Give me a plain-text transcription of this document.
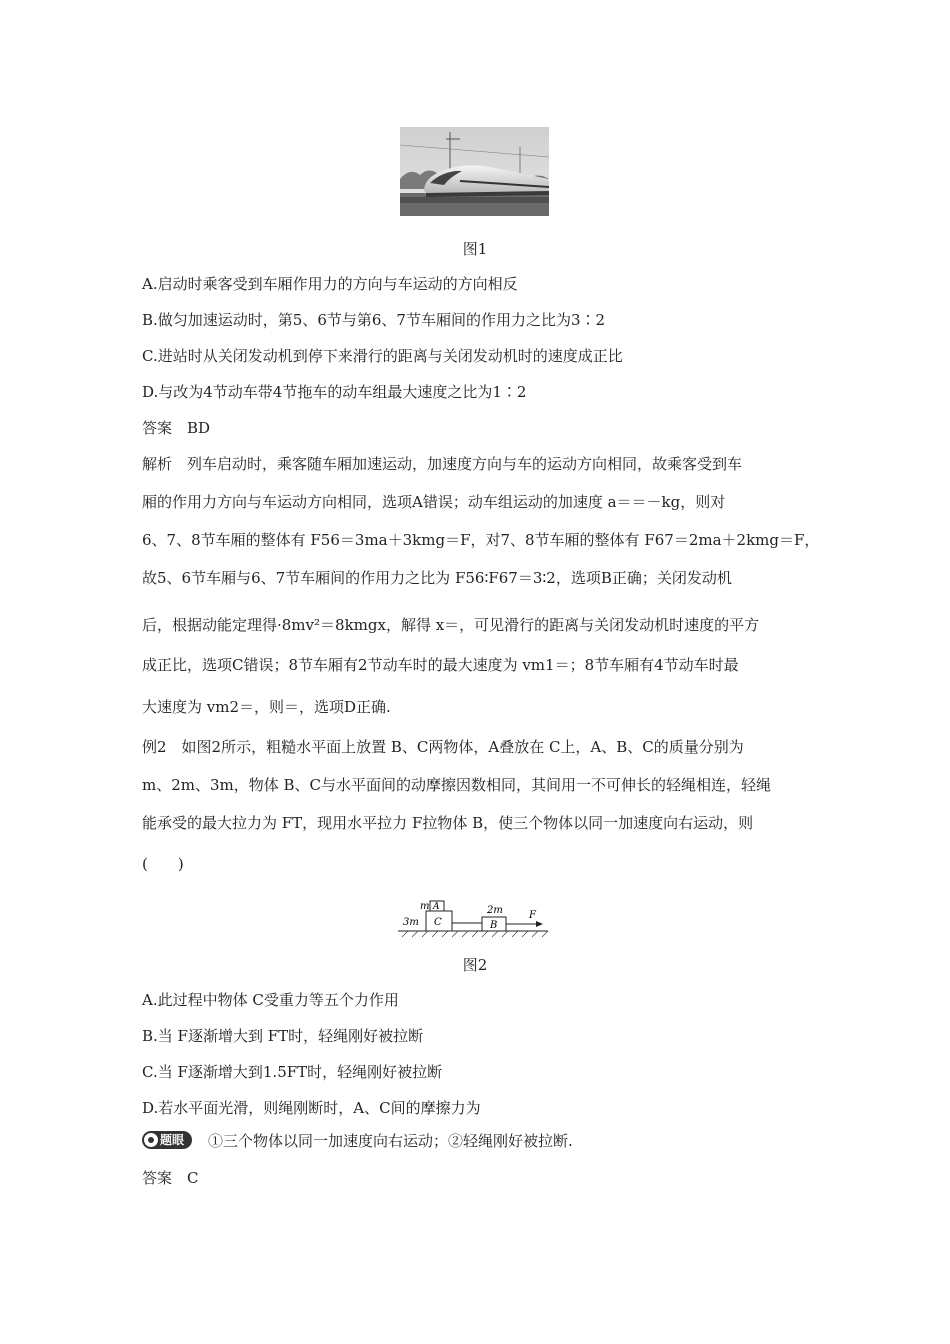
图1
A.启动时乘客受到车厢作用力的方向与车运动的方向相反
B.做匀加速运动时，第5、6节与第6、7节车厢间的作用力之比为3∶2
C.进站时从关闭发动机到停下来滑行的距离与关闭发动机时的速度成正比
D.与改为4节动车带4节拖车的动车组最大速度之比为1∶2
答案　BD
解析　列车启动时，乘客随车厢加速运动，加速度方向与车的运动方向相同，故乘客受到车
厢的作用力方向与车运动方向相同，选项A错误；动车组运动的加速度 a＝＝－kg，则对
6、7、8节车厢的整体有 F56＝3ma＋3kmg＝F，对7、8节车厢的整体有 F67＝2ma＋2kmg＝F，
故5、6节车厢与6、7节车厢间的作用力之比为 F56∶F67＝3∶2，选项B正确；关闭发动机
后，根据动能定理得·8mv²＝8kmgx，解得 x＝，可见滑行的距离与关闭发动机时速度的平方
成正比，选项C错误；8节车厢有2节动车时的最大速度为 vm1＝；8节车厢有4节动车时最
大速度为 vm2＝，则＝，选项D正确.
例2　如图2所示，粗糙水平面上放置 B、C两物体，A叠放在 C上，A、B、C的质量分别为
m、2m、3m，物体 B、C与水平面间的动摩擦因数相同，其间用一不可伸长的轻绳相连，轻绳
能承受的最大拉力为 FT，现用水平拉力 F拉物体 B，使三个物体以同一加速度向右运动，则
(　　)
C
3m
A
m
B
2m	F
图2
A.此过程中物体 C受重力等五个力作用
B.当 F逐渐增大到 FT时，轻绳刚好被拉断
C.当 F逐渐增大到1.5FT时，轻绳刚好被拉断
D.若水平面光滑，则绳刚断时，A、C间的摩擦力为
题眼	①三个物体以同一加速度向右运动；②轻绳刚好被拉断.
答案　C
